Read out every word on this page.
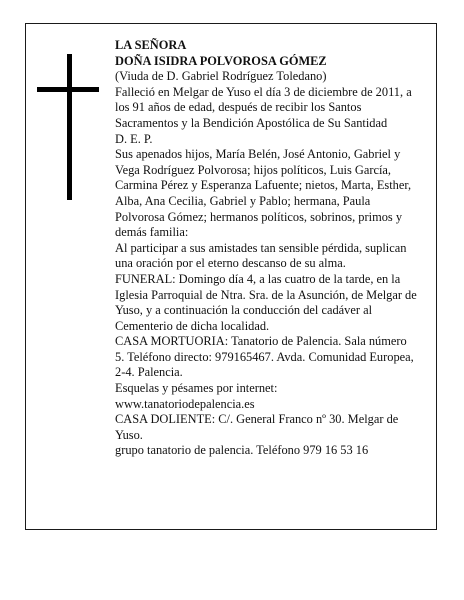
LA SEÑORA

DOÑA ISIDRA POLVOROSA GÓMEZ

(Viuda de D. Gabriel Rodríguez Toledano)

Falleció en Melgar de Yuso el día 3 de diciembre de 2011, a los 91 años de edad, después de recibir los Santos Sacramentos y la Bendición Apostólica de Su Santidad

D. E. P.

Sus apenados hijos, María Belén, José Antonio, Gabriel y Vega Rodríguez Polvorosa; hijos políticos, Luis García, Carmina Pérez y Esperanza Lafuente; nietos, Marta, Esther, Alba, Ana Cecilia, Gabriel y Pablo; hermana, Paula Polvorosa Gómez; hermanos políticos, sobrinos, primos y demás familia:

Al participar a sus amistades tan sensible pérdida, suplican una oración por el eterno descanso de su alma.

FUNERAL: Domingo día 4, a las cuatro de la tarde, en la Iglesia Parroquial de Ntra. Sra. de la Asunción, de Melgar de Yuso, y a continuación la conducción del cadáver al Cementerio de dicha localidad.

CASA MORTUORIA: Tanatorio de Palencia. Sala número 5. Teléfono directo: 979165467. Avda. Comunidad Europea, 2-4. Palencia.

Esquelas y pésames por internet: www.tanatoriodepalencia.es

CASA DOLIENTE: C/. General Franco nº 30. Melgar de Yuso.

grupo tanatorio de palencia. Teléfono 979 16 53 16
